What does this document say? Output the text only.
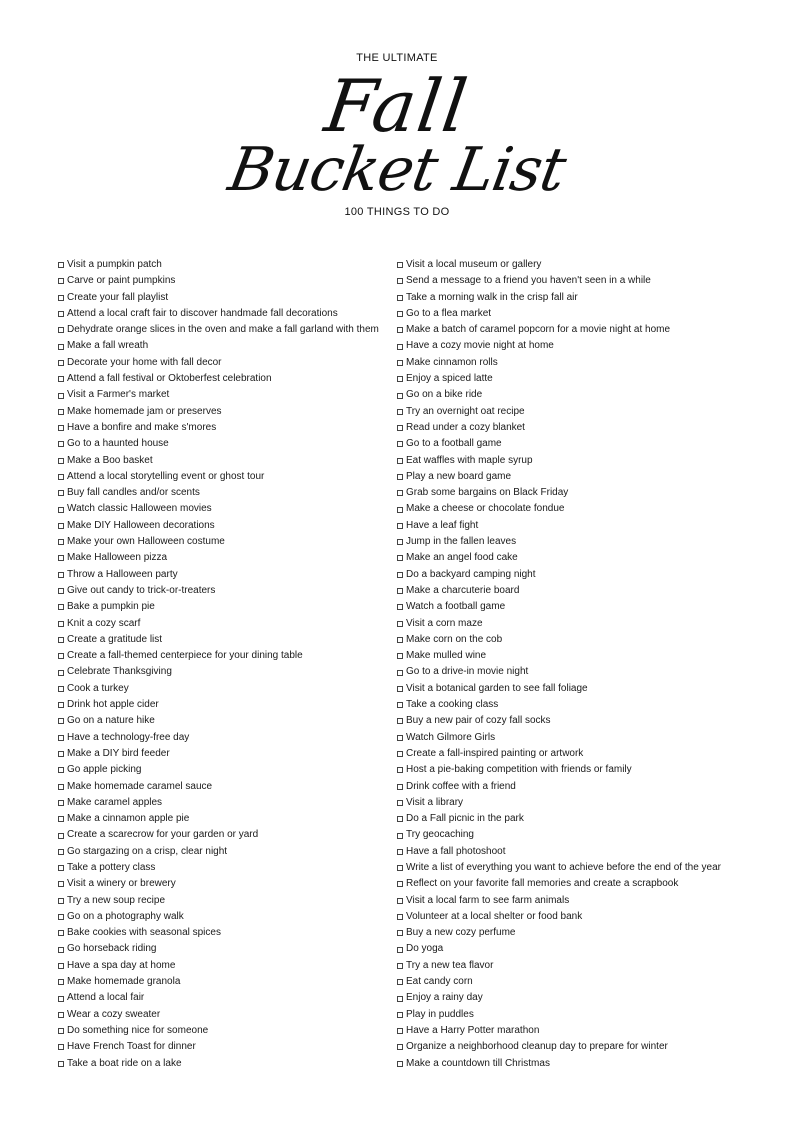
THE ULTIMATE
Fall
Bucket List
100 THINGS TO DO
Visit a pumpkin patch
Carve or paint pumpkins
Create your fall playlist
Attend a local craft fair to discover handmade fall decorations
Dehydrate orange slices in the oven and make a fall garland with them
Make a fall wreath
Decorate your home with fall decor
Attend a fall festival or Oktoberfest celebration
Visit a Farmer's market
Make homemade jam or preserves
Have a bonfire and make s'mores
Go to a haunted house
Make a Boo basket
Attend a local storytelling event or ghost tour
Buy fall candles and/or scents
Watch classic Halloween movies
Make DIY Halloween decorations
Make your own Halloween costume
Make Halloween pizza
Throw a Halloween party
Give out candy to trick-or-treaters
Bake a pumpkin pie
Knit a cozy scarf
Create a gratitude list
Create a fall-themed centerpiece for your dining table
Celebrate Thanksgiving
Cook a turkey
Drink hot apple cider
Go on a nature hike
Have a technology-free day
Make a DIY bird feeder
Go apple picking
Make homemade caramel sauce
Make caramel apples
Make a cinnamon apple pie
Create a scarecrow for your garden or yard
Go stargazing on a crisp, clear night
Take a pottery class
Visit a winery or brewery
Try a new soup recipe
Go on a photography walk
Bake cookies with seasonal spices
Go horseback riding
Have a spa day at home
Make homemade granola
Attend a local fair
Wear a cozy sweater
Do something nice for someone
Have French Toast for dinner
Take a boat ride on a lake
Visit a local museum or gallery
Send a message to a friend you haven't seen in a while
Take a morning walk in the crisp fall air
Go to a flea market
Make a batch of caramel popcorn for a movie night at home
Have a cozy movie night at home
Make cinnamon rolls
Enjoy a spiced latte
Go on a bike ride
Try an overnight oat recipe
Read under a cozy blanket
Go to a football game
Eat waffles with maple syrup
Play a new board game
Grab some bargains on Black Friday
Make a cheese or chocolate fondue
Have a leaf fight
Jump in the fallen leaves
Make an angel food cake
Do a backyard camping night
Make a charcuterie board
Watch a football game
Visit a corn maze
Make corn on the cob
Make mulled wine
Go to a drive-in movie night
Visit a botanical garden to see fall foliage
Take a cooking class
Buy a new pair of cozy fall socks
Watch Gilmore Girls
Create a fall-inspired painting or artwork
Host a pie-baking competition with friends or family
Drink coffee with a friend
Visit a library
Do a Fall picnic in the park
Try geocaching
Have a fall photoshoot
Write a list of everything you want to achieve before the end of the year
Reflect on your favorite fall memories and create a scrapbook
Visit a local farm to see farm animals
Volunteer at a local shelter or food bank
Buy a new cozy perfume
Do yoga
Try a new tea flavor
Eat candy corn
Enjoy a rainy day
Play in puddles
Have a Harry Potter marathon
Organize a neighborhood cleanup day to prepare for winter
Make a countdown till Christmas
